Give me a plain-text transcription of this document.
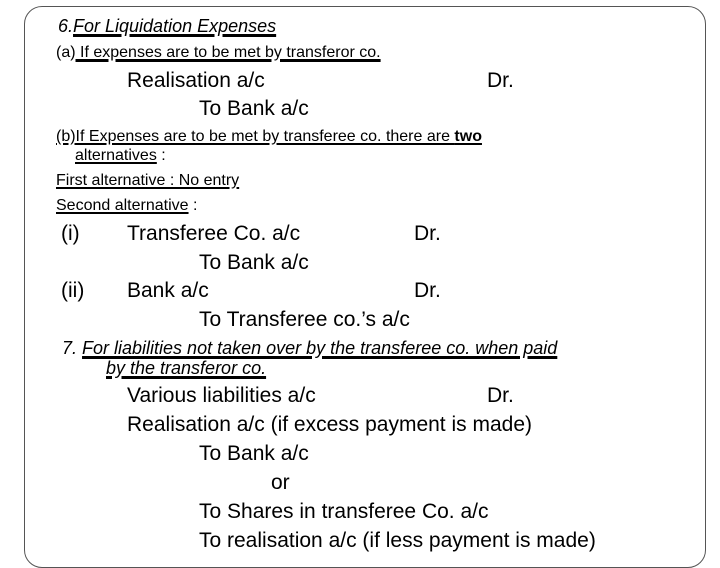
6.For Liquidation Expenses
(a) If expenses are to be met by transferor co.
Realisation a/c	Dr.
To Bank a/c
(b)If Expenses are to be met by transferee co. there are two
alternatives :
First alternative : No entry
Second alternative :
(i) Transferee Co. a/c	Dr.
To Bank a/c
(ii) Bank a/c	Dr.
To Transferee co.’s a/c
7. For liabilities not taken over by the transferee co. when paid
by the transferor co.
Various liabilities a/c	Dr.
Realisation a/c (if excess payment is made)
To Bank a/c
or
To Shares in transferee Co. a/c
To realisation a/c (if less payment is made)
